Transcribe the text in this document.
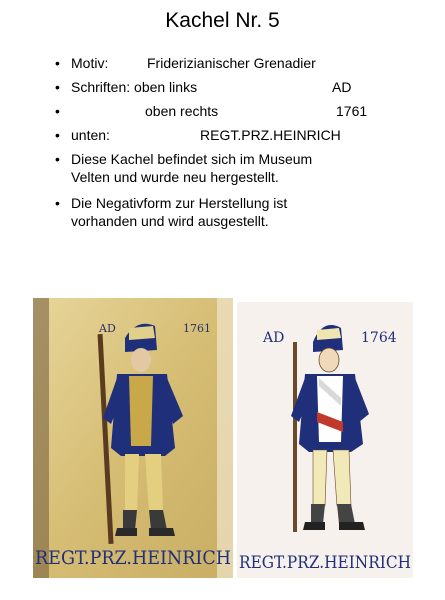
Kachel Nr. 5
• Motiv:	Friderizianischer Grenadier
• Schriften: oben links	AD
•	oben rechts	1761
• unten:	REGT.PRZ.HEINRICH
• Diese Kachel befindet sich im Museum
Velten und wurde neu hergestellt.
• Die Negativform zur Herstellung ist
vorhanden und wird ausgestellt.
AD	1761
REGT.PRZ.HEINRICH
AD	1764
REGT.PRZ.HEINRICH
